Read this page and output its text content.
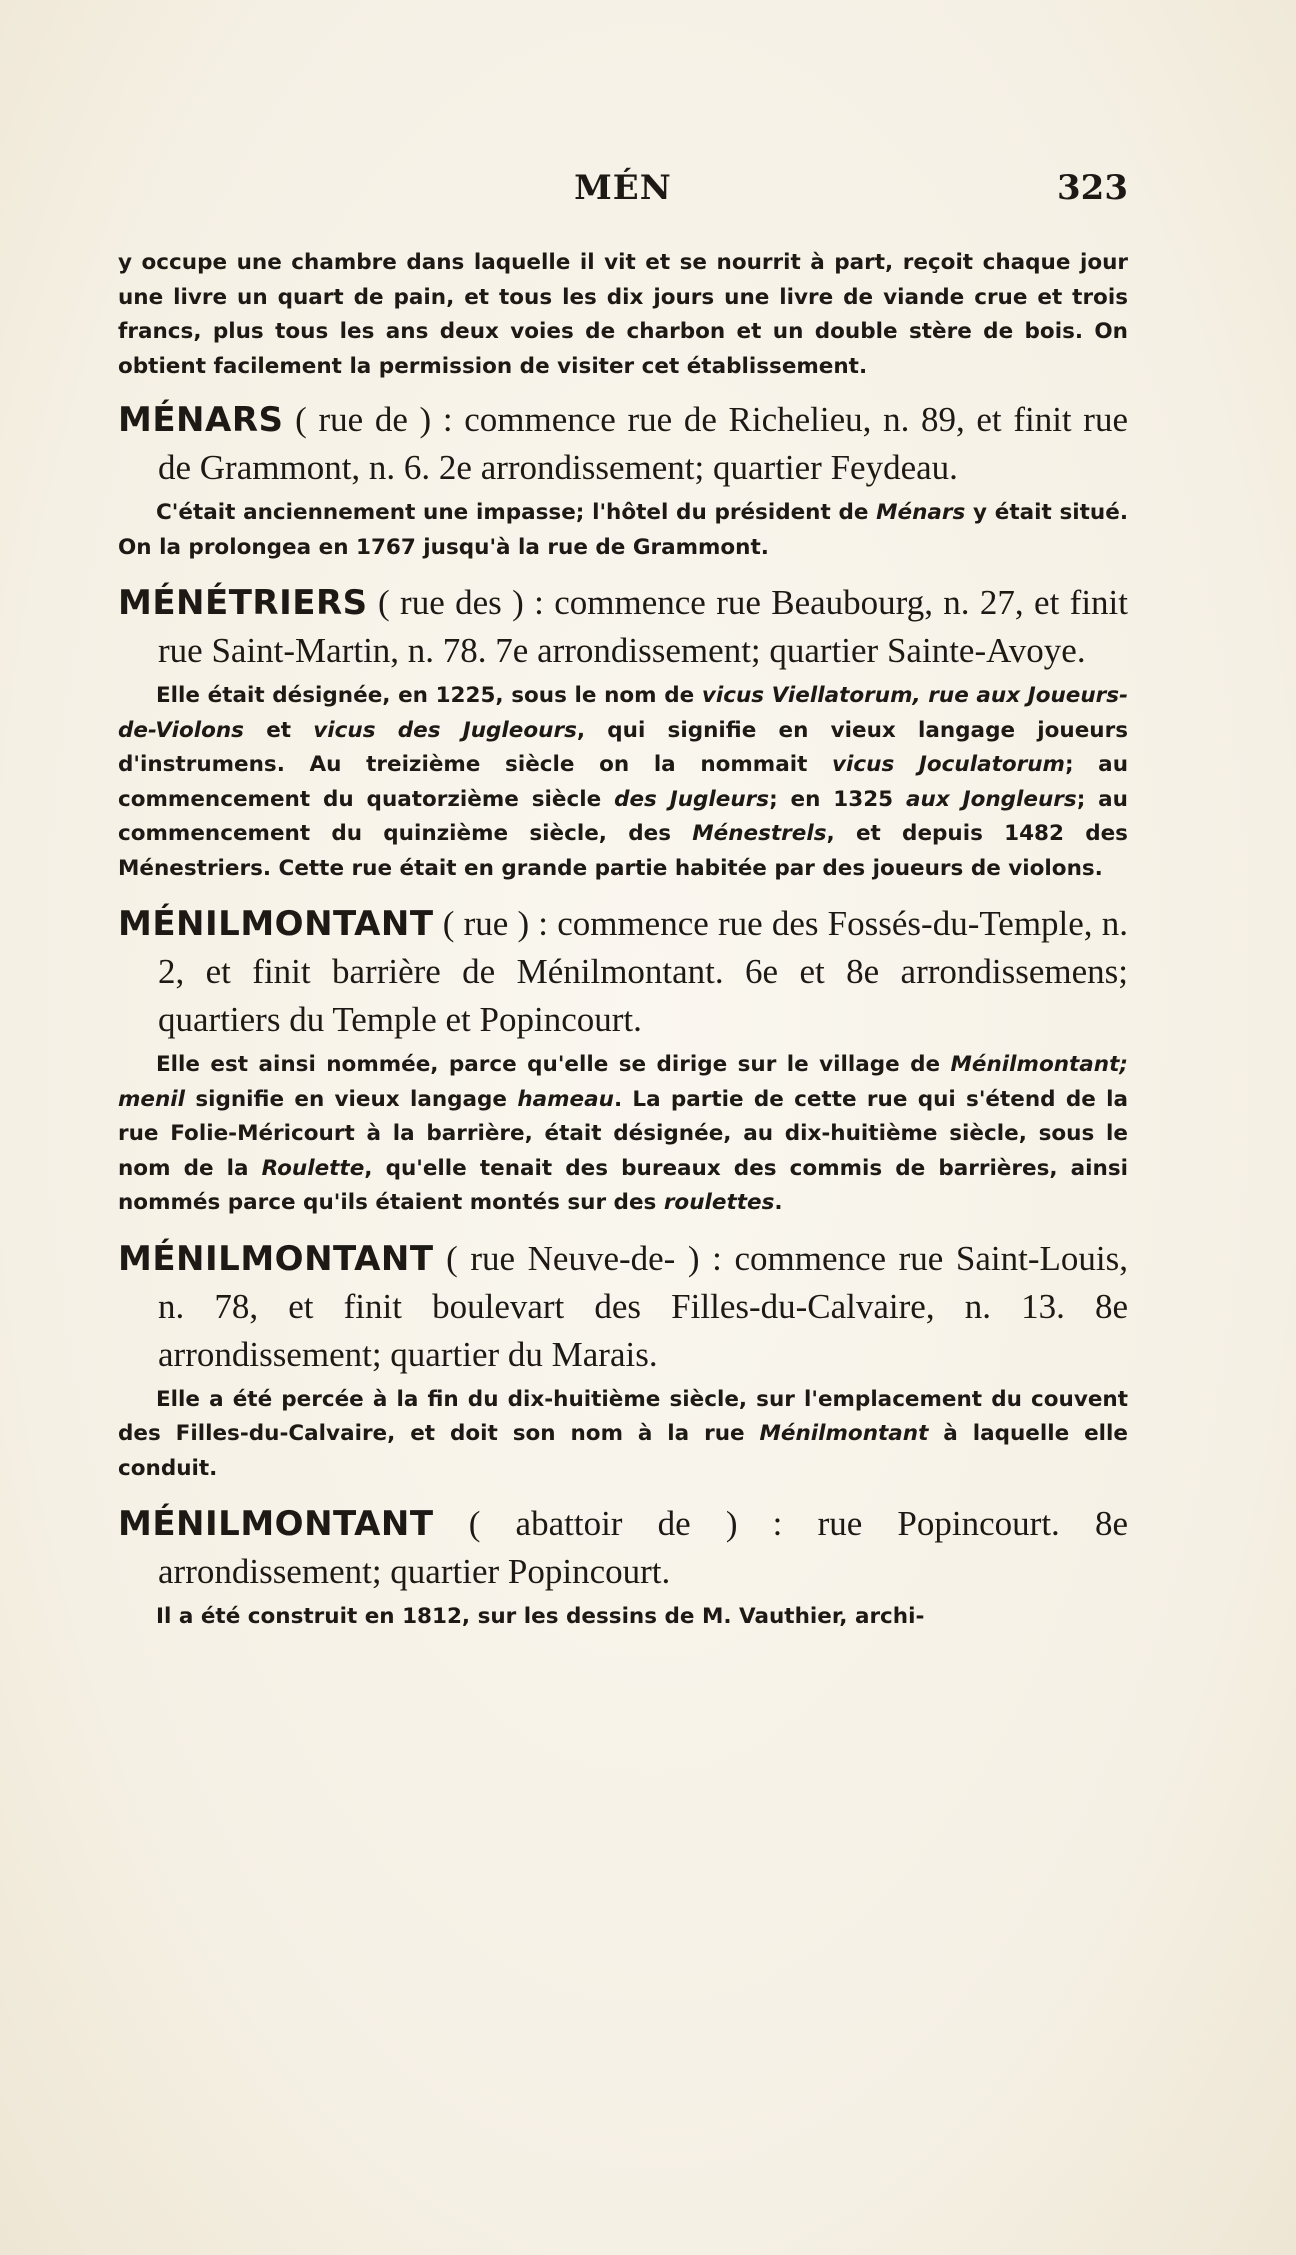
MÉN	323

y occupe une chambre dans laquelle il vit et se nourrit à part, reçoit chaque jour une livre un quart de pain, et tous les dix jours une livre de viande crue et trois francs, plus tous les ans deux voies de charbon et un double stère de bois. On obtient facilement la permission de visiter cet établissement.

MÉNARS ( rue de ) : commence rue de Richelieu, n. 89, et finit rue de Grammont, n. 6. 2e arrondissement; quartier Feydeau.

C'était anciennement une impasse; l'hôtel du président de Ménars y était situé. On la prolongea en 1767 jusqu'à la rue de Grammont.

MÉNÉTRIERS ( rue des ) : commence rue Beaubourg, n. 27, et finit rue Saint-Martin, n. 78. 7e arrondissement; quartier Sainte-Avoye.

Elle était désignée, en 1225, sous le nom de vicus Viellatorum, rue aux Joueurs-de-Violons et vicus des Jugleours, qui signifie en vieux langage joueurs d'instrumens. Au treizième siècle on la nommait vicus Joculatorum; au commencement du quatorzième siècle des Jugleurs; en 1325 aux Jongleurs; au commencement du quinzième siècle, des Ménestrels, et depuis 1482 des Ménestriers. Cette rue était en grande partie habitée par des joueurs de violons.

MÉNILMONTANT ( rue ) : commence rue des Fossés-du-Temple, n. 2, et finit barrière de Ménilmontant. 6e et 8e arrondissemens; quartiers du Temple et Popincourt.

Elle est ainsi nommée, parce qu'elle se dirige sur le village de Ménilmontant; menil signifie en vieux langage hameau. La partie de cette rue qui s'étend de la rue Folie-Méricourt à la barrière, était désignée, au dix-huitième siècle, sous le nom de la Roulette, qu'elle tenait des bureaux des commis de barrières, ainsi nommés parce qu'ils étaient montés sur des roulettes.

MÉNILMONTANT ( rue Neuve-de- ) : commence rue Saint-Louis, n. 78, et finit boulevart des Filles-du-Calvaire, n. 13. 8e arrondissement; quartier du Marais.

Elle a été percée à la fin du dix-huitième siècle, sur l'emplacement du couvent des Filles-du-Calvaire, et doit son nom à la rue Ménilmontant à laquelle elle conduit.

MÉNILMONTANT ( abattoir de ) : rue Popincourt. 8e arrondissement; quartier Popincourt.

Il a été construit en 1812, sur les dessins de M. Vauthier, archi-
